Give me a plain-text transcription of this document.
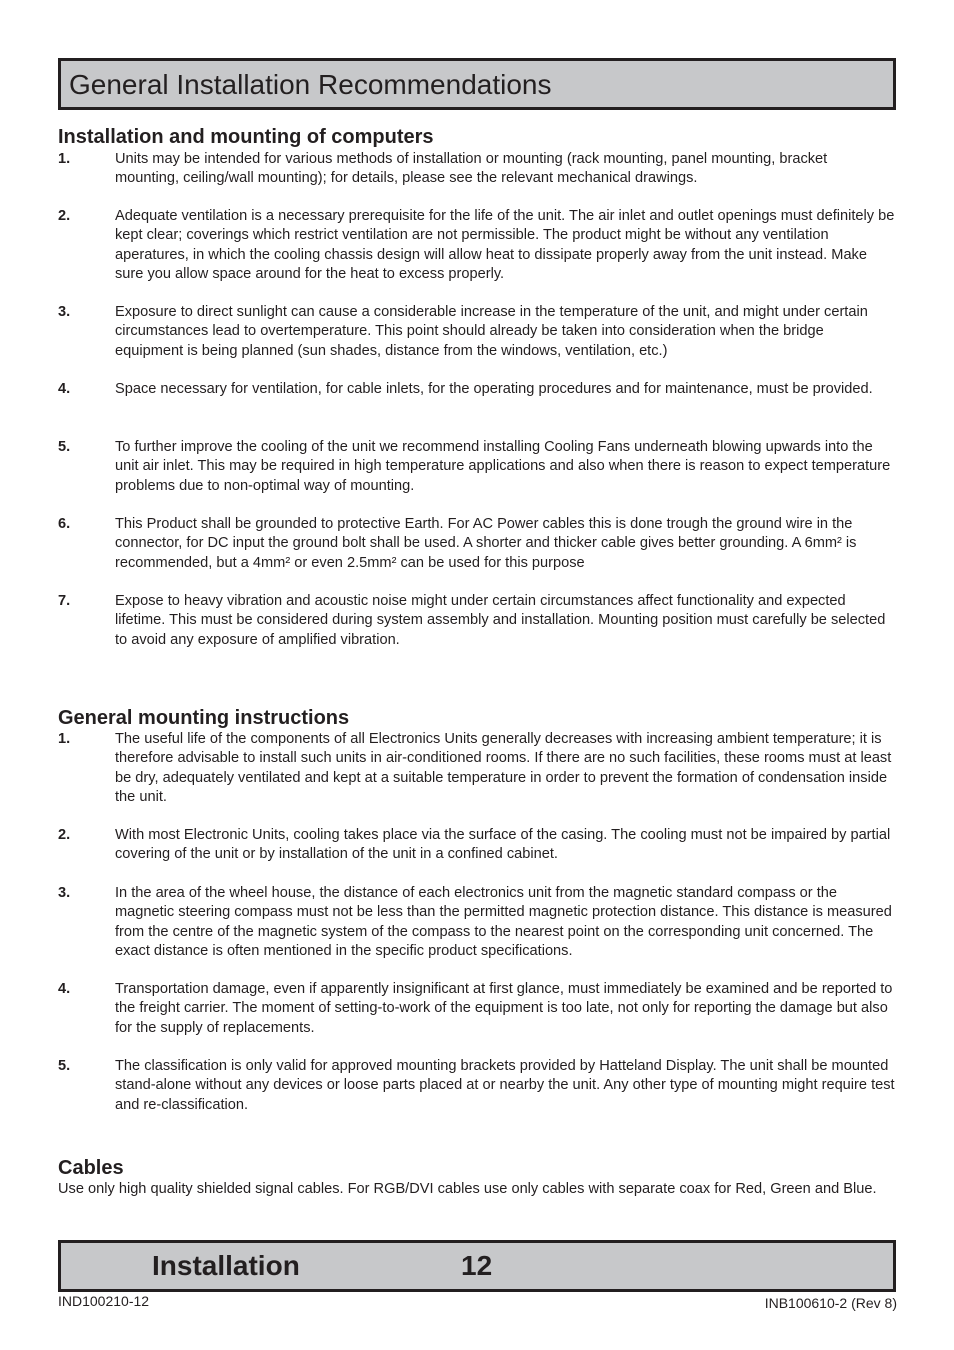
General Installation Recommendations
Installation and mounting of computers
1.	Units may be intended for various methods of installation or mounting (rack mounting, panel mounting, bracket mounting, ceiling/wall mounting); for details, please see the relevant mechanical drawings.
2.	Adequate ventilation is a necessary prerequisite for the life of the unit. The air inlet and outlet openings must definitely be kept clear; coverings which restrict ventilation are not permissible. The product might be without any ventilation aperatures, in which the cooling chassis design will allow heat to dissipate properly away from the unit instead. Make sure you allow space around for the heat to excess properly.
3.	Exposure to direct sunlight can cause a considerable increase in the temperature of the unit, and might under certain circumstances lead to overtemperature. This point should already be taken into consideration when the bridge equipment is being planned (sun shades, distance from the windows, ventilation, etc.)
4.	Space necessary for ventilation, for cable inlets, for the operating procedures and for maintenance, must be provided.
5.	To further improve the cooling of the unit we recommend installing Cooling Fans underneath blowing upwards into the unit air inlet. This may be required in high temperature applications and also when there is reason to expect temperature problems due to non-optimal way of mounting.
6.	This Product shall be grounded to protective Earth. For AC Power cables this is done trough the ground wire in the connector, for DC input the ground bolt shall be used. A shorter and thicker cable gives better grounding. A 6mm² is recommended, but a 4mm² or even 2.5mm² can be used for this purpose
7.	Expose to heavy vibration and acoustic noise might under certain circumstances affect functionality and expected lifetime. This must be considered during system assembly and installation. Mounting position must carefully be selected to avoid any exposure of amplified vibration.
General mounting instructions
1.	The useful life of the components of all Electronics Units generally decreases with increasing ambient temperature; it is therefore advisable to install such units in air-conditioned rooms. If there are no such facilities, these rooms must at least be dry, adequately ventilated and kept at a suitable temperature in order to prevent the formation of condensation inside the unit.
2.	With most Electronic Units, cooling takes place via the surface of the casing. The cooling must not be impaired by partial covering of the unit or by installation of the unit in a confined cabinet.
3.	In the area of the wheel house, the distance of each electronics unit from the magnetic standard compass or the magnetic steering compass must not be less than the permitted magnetic protection distance. This distance is measured from the centre of the magnetic system of the compass to the nearest point on the corresponding unit concerned. The exact distance is often mentioned in the specific product specifications.
4.	Transportation damage, even if apparently insignificant at first glance, must immediately be examined and be reported to the freight carrier. The moment of setting-to-work of the equipment is too late, not only for reporting the damage but also for the supply of replacements.
5.	The classification is only valid for approved mounting brackets provided by Hatteland Display. The unit shall be mounted stand-alone without any devices or loose parts placed at or nearby the unit. Any other type of mounting might require test and re-classification.
Cables
Use only high quality shielded signal cables. For RGB/DVI cables use only cables with separate coax for Red, Green and Blue.
Installation	12
IND100210-12	INB100610-2 (Rev 8)
